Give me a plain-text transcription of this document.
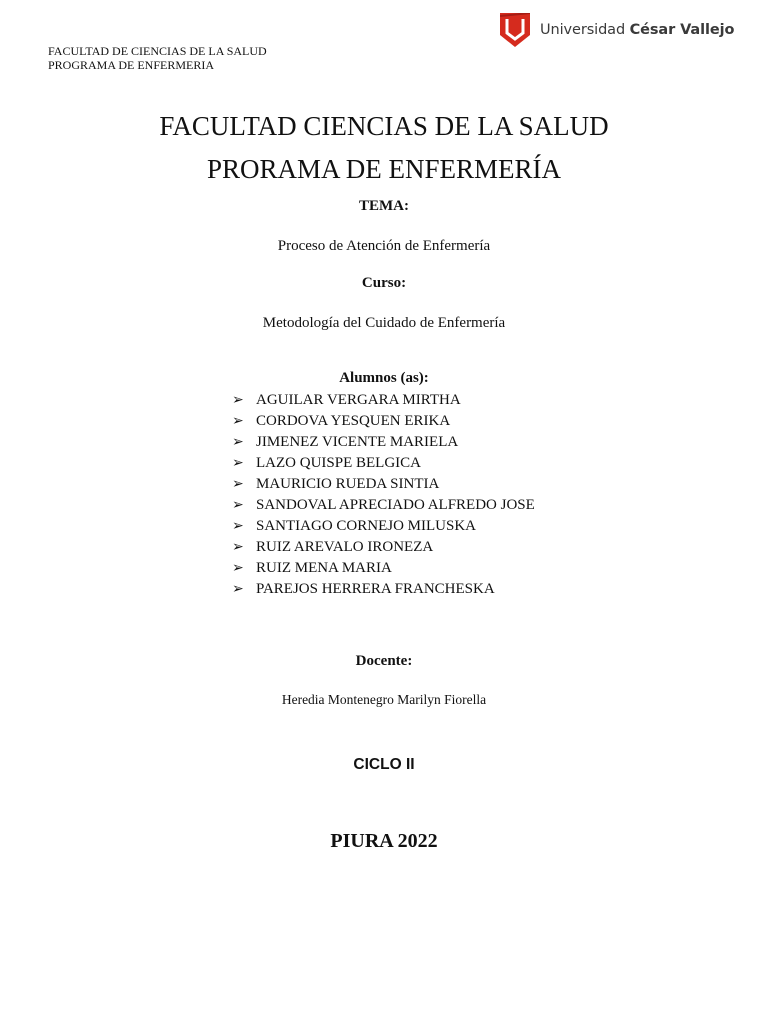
FACULTAD DE CIENCIAS DE LA SALUD
PROGRAMA DE ENFERMERIA
Universidad César Vallejo
FACULTAD CIENCIAS DE LA SALUD
PRORAMA DE ENFERMERÍA
TEMA:
Proceso de Atención de Enfermería
Curso:
Metodología del Cuidado de Enfermería
Alumnos (as):
➢ AGUILAR VERGARA MIRTHA
➢ CORDOVA YESQUEN ERIKA
➢ JIMENEZ VICENTE MARIELA
➢ LAZO QUISPE BELGICA
➢ MAURICIO RUEDA SINTIA
➢ SANDOVAL APRECIADO ALFREDO JOSE
➢ SANTIAGO CORNEJO MILUSKA
➢ RUIZ AREVALO IRONEZA
➢ RUIZ MENA MARIA
➢ PAREJOS HERRERA FRANCHESKA
Docente:
Heredia Montenegro Marilyn Fiorella
CICLO II
PIURA 2022
